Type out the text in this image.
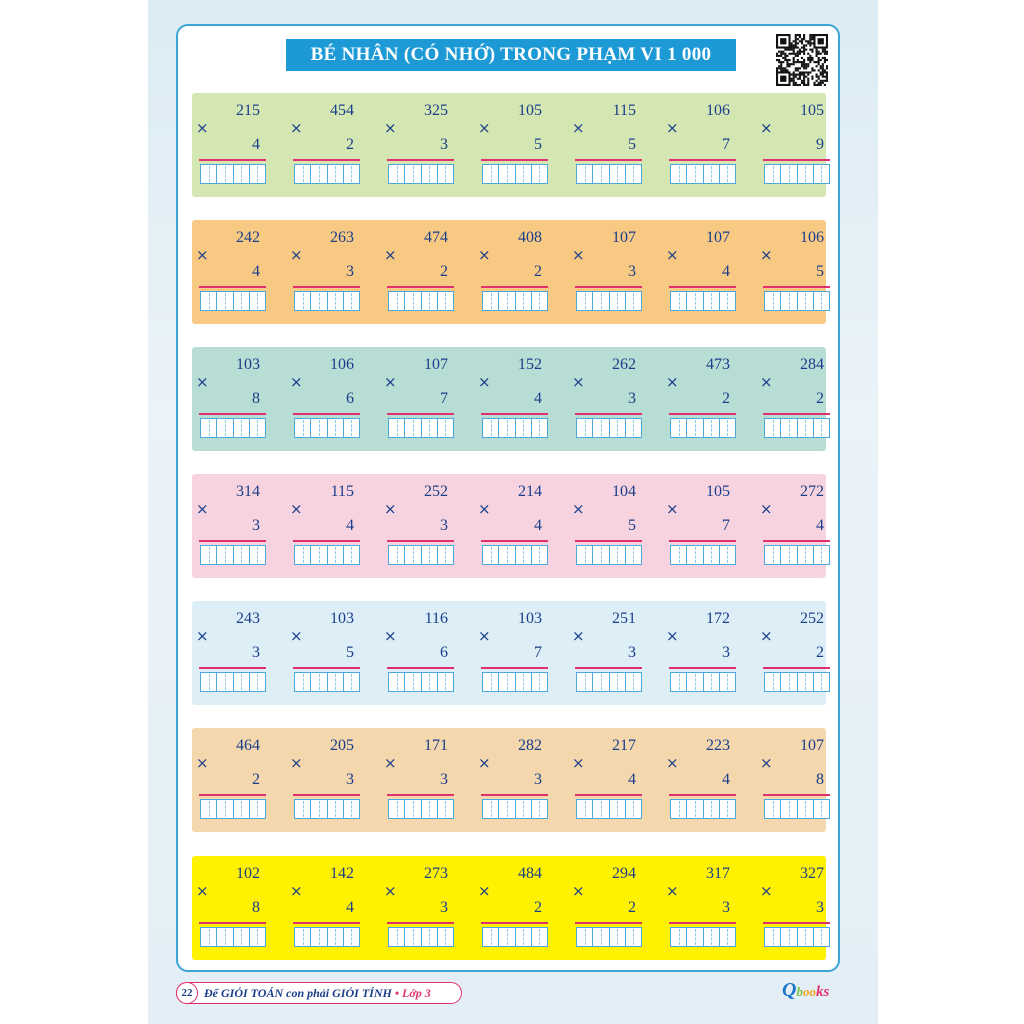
BÉ NHÂN (CÓ NHỚ) TRONG PHẠM VI 1 000
215
×
4
454
×
2
325
×
3
105
×
5
115
×
5
106
×
7
105
×
9
242
×
4
263
×
3
474
×
2
408
×
2
107
×
3
107
×
4
106
×
5
103
×
8
106
×
6
107
×
7
152
×
4
262
×
3
473
×
2
284
×
2
314
×
3
115
×
4
252
×
3
214
×
4
104
×
5
105
×
7
272
×
4
243
×
3
103
×
5
116
×
6
103
×
7
251
×
3
172
×
3
252
×
2
464
×
2
205
×
3
171
×
3
282
×
3
217
×
4
223
×
4
107
×
8
102
×
8
142
×
4
273
×
3
484
×
2
294
×
2
317
×
3
327
×
3
22 Để GIỎI TOÁN con phải GIỎI TÍNH • Lớp 3	Qbooks
